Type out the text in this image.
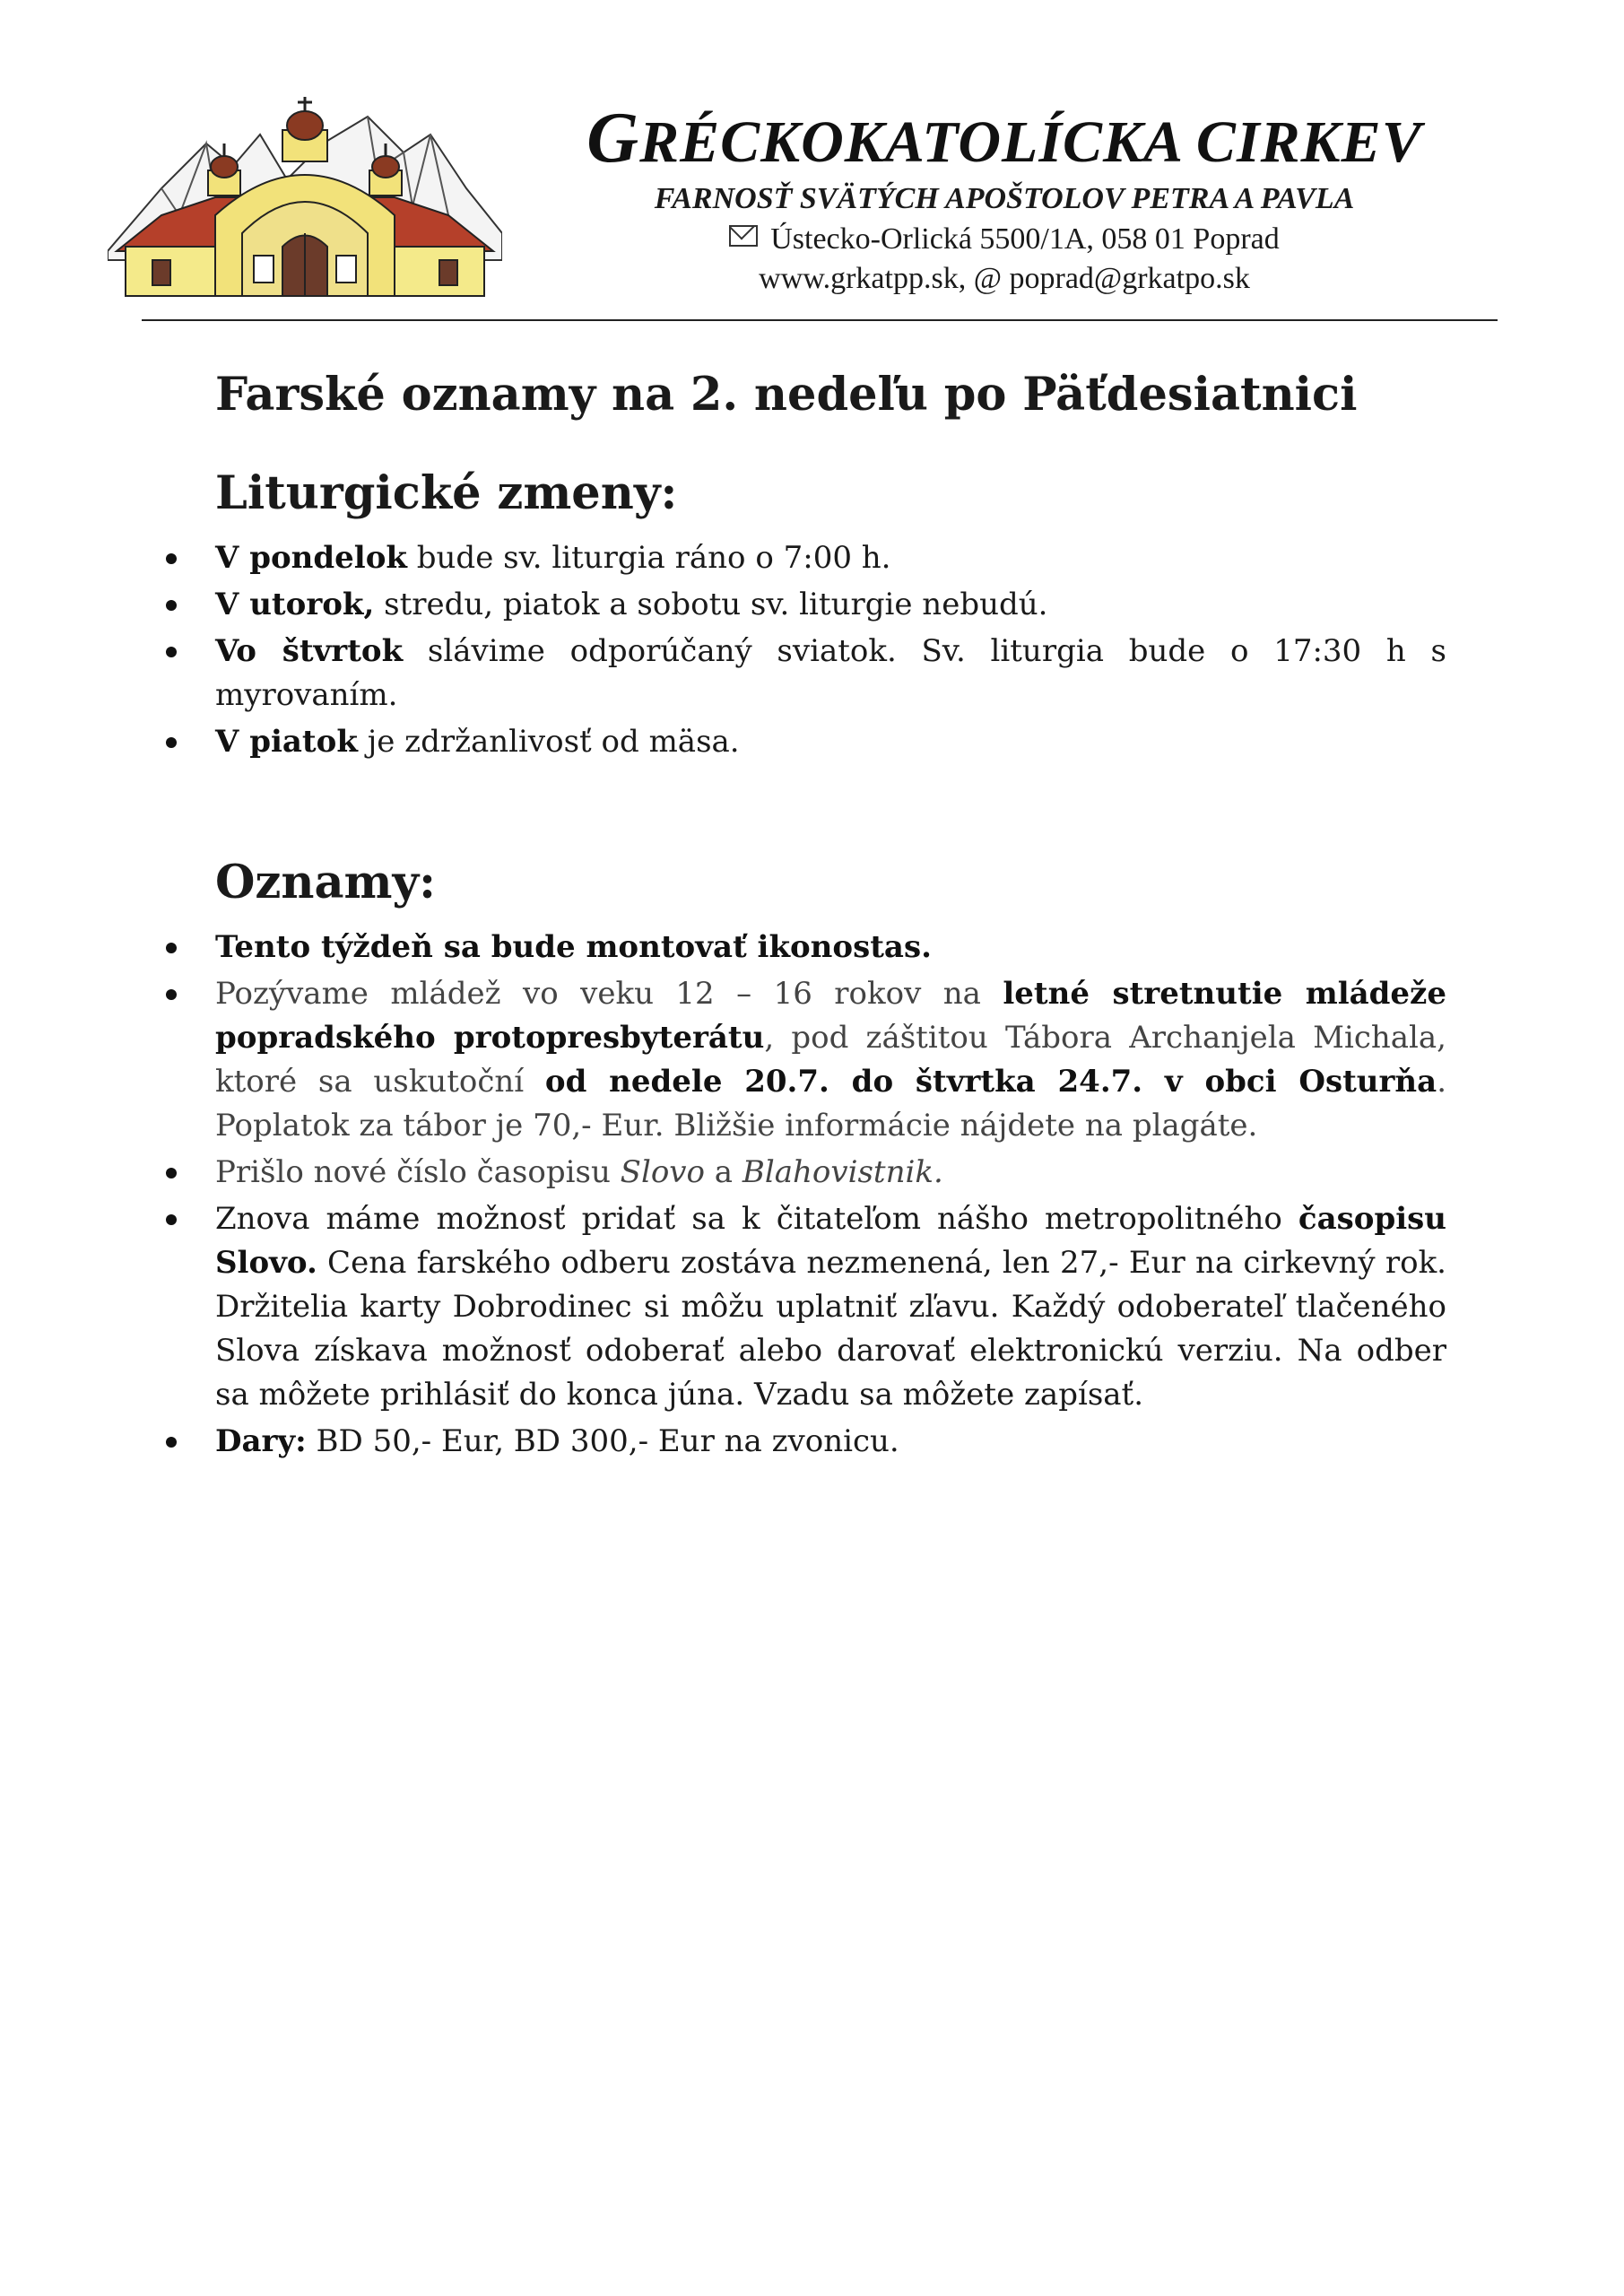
GRÉCKOKATOLÍCKA CIRKEV
FARNOSŤ SVÄTÝCH APOŠTOLOV PETRA A PAVLA
Ústecko-Orlická 5500/1A, 058 01 Poprad
www.grkatpp.sk, @ poprad@grkatpo.sk
Farské oznamy na 2. nedeľu po Päťdesiatnici
Liturgické zmeny:
V pondelok bude sv. liturgia ráno o 7:00 h.
V utorok, stredu, piatok a sobotu sv. liturgie nebudú.
Vo štvrtok slávime odporúčaný sviatok. Sv. liturgia bude o 17:30 h s myrovaním.
V piatok je zdržanlivosť od mäsa.
Oznamy:
Tento týždeň sa bude montovať ikonostas.
Pozývame mládež vo veku 12 – 16 rokov na letné stretnutie mládeže popradského protopresbyterátu, pod záštitou Tábora Archanjela Michala, ktoré sa uskutoční od nedele 20.7. do štvrtka 24.7. v obci Osturňa. Poplatok za tábor je 70,- Eur. Bližšie informácie nájdete na plagáte.
Prišlo nové číslo časopisu Slovo a Blahovistnik.
Znova máme možnosť pridať sa k čitateľom nášho metropolitného časopisu Slovo. Cena farského odberu zostáva nezmenená, len 27,- Eur na cirkevný rok. Držitelia karty Dobrodinec si môžu uplatniť zľavu. Každý odoberateľ tlačeného Slova získava možnosť odoberať alebo darovať elektronickú verziu. Na odber sa môžete prihlásiť do konca júna. Vzadu sa môžete zapísať.
Dary: BD 50,- Eur, BD 300,- Eur na zvonicu.
